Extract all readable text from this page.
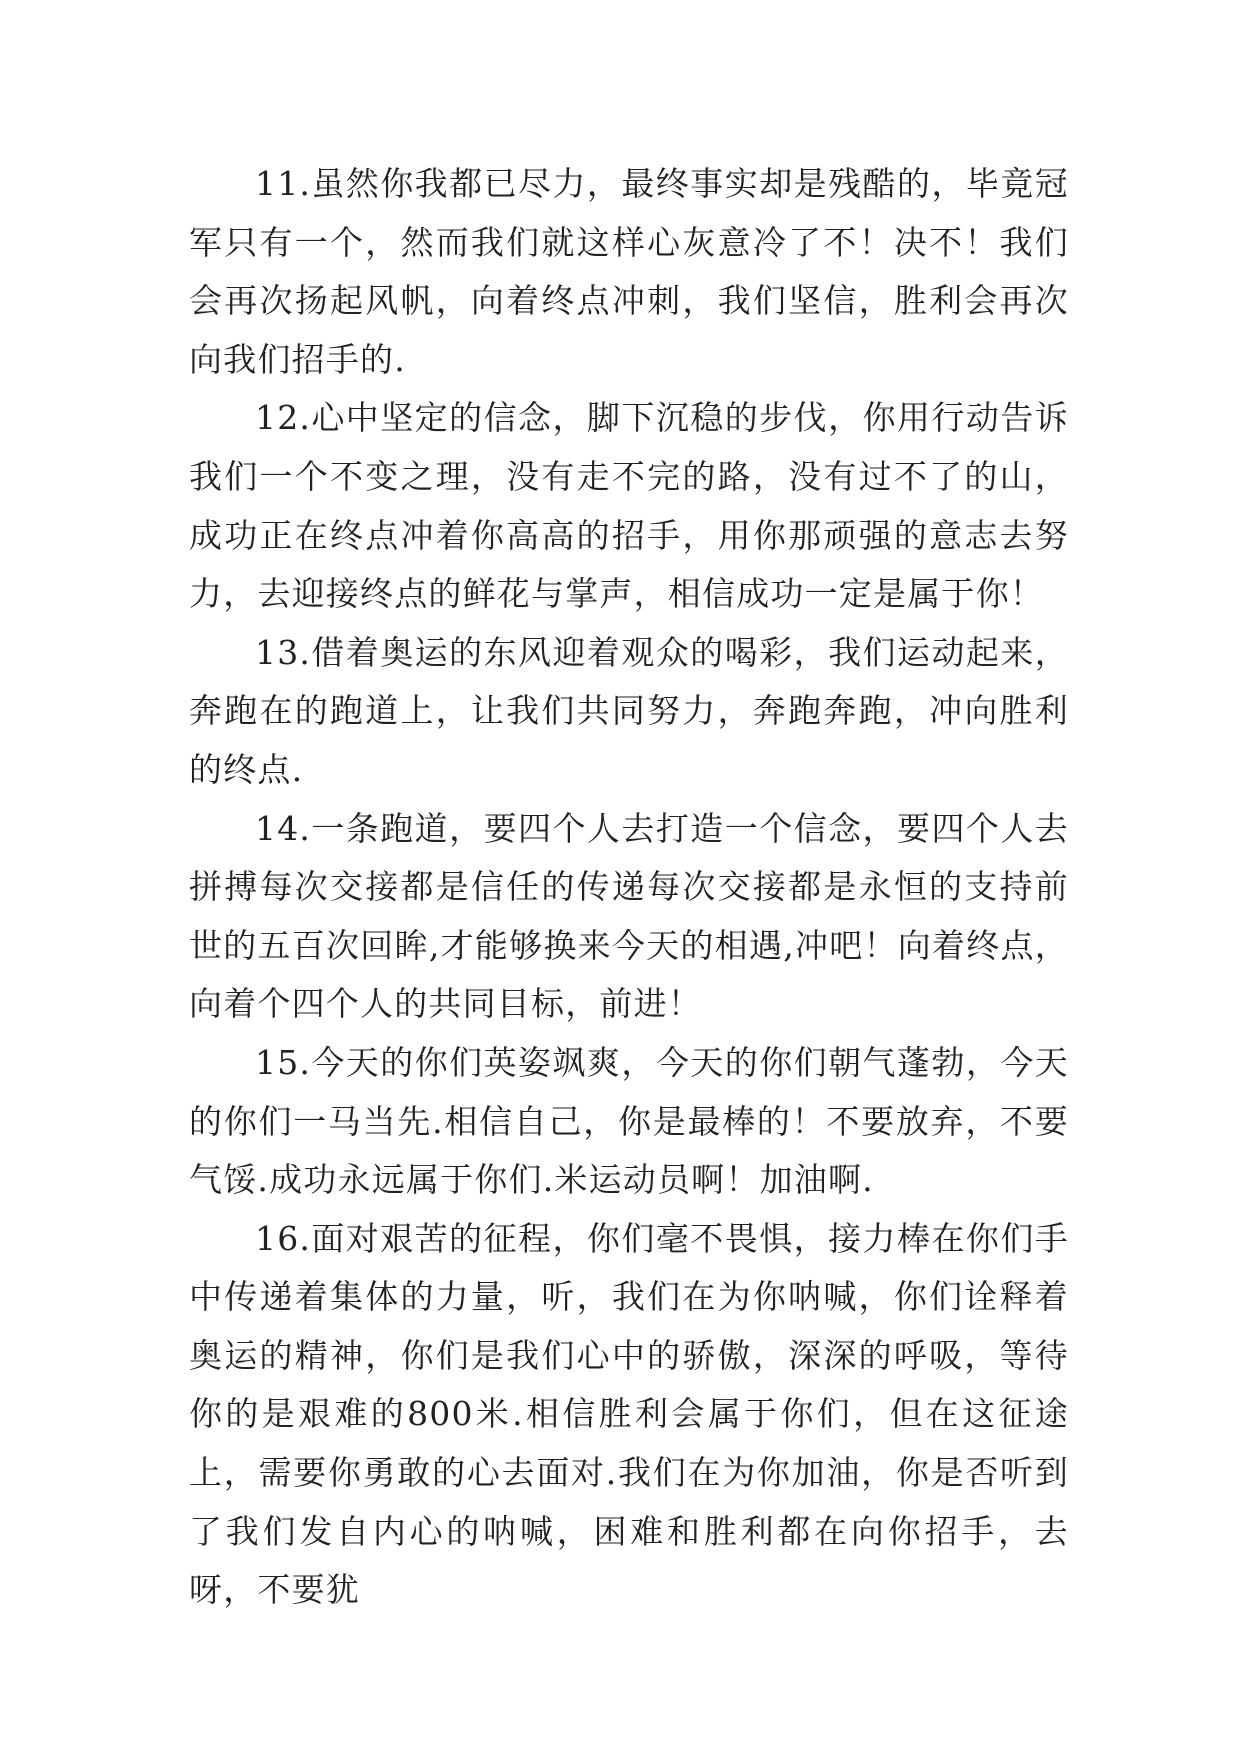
11.虽然你我都已尽力，最终事实却是残酷的，毕竟冠军只有一个，然而我们就这样心灰意冷了不！决不！我们会再次扬起风帆，向着终点冲刺，我们坚信，胜利会再次向我们招手的.

12.心中坚定的信念，脚下沉稳的步伐，你用行动告诉我们一个不变之理，没有走不完的路，没有过不了的山，成功正在终点冲着你高高的招手，用你那顽强的意志去努力，去迎接终点的鲜花与掌声，相信成功一定是属于你！

13.借着奥运的东风迎着观众的喝彩，我们运动起来，奔跑在的跑道上，让我们共同努力，奔跑奔跑，冲向胜利的终点.

14.一条跑道，要四个人去打造一个信念，要四个人去拼搏每次交接都是信任的传递每次交接都是永恒的支持前世的五百次回眸,才能够换来今天的相遇,冲吧！向着终点，向着个四个人的共同目标，前进！

15.今天的你们英姿飒爽，今天的你们朝气蓬勃，今天的你们一马当先.相信自己，你是最棒的！不要放弃，不要气馁.成功永远属于你们.米运动员啊！加油啊.

16.面对艰苦的征程，你们毫不畏惧，接力棒在你们手中传递着集体的力量，听，我们在为你呐喊，你们诠释着奥运的精神，你们是我们心中的骄傲，深深的呼吸，等待你的是艰难的800米.相信胜利会属于你们，但在这征途上，需要你勇敢的心去面对.我们在为你加油，你是否听到了我们发自内心的呐喊，困难和胜利都在向你招手，去呀，不要犹
